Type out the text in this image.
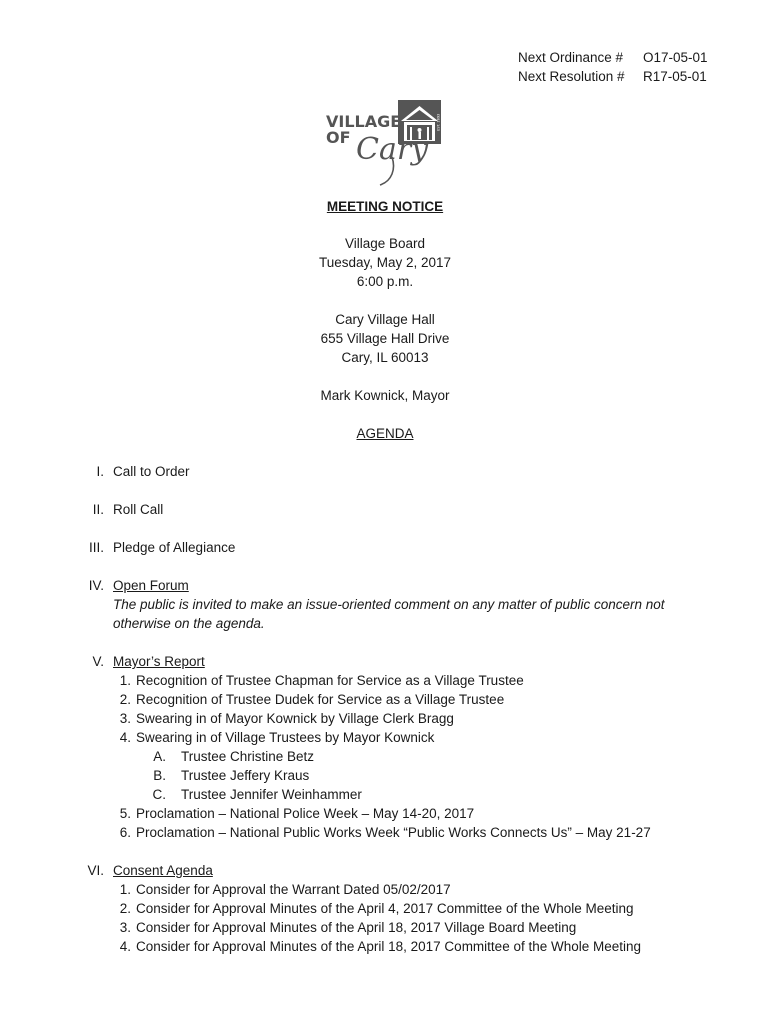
Next Ordinance # O17-05-01
Next Resolution # R17-05-01
EST. 1893
VILLAGE
OF Cary
MEETING NOTICE
Village Board
Tuesday, May 2, 2017
6:00 p.m.
Cary Village Hall
655 Village Hall Drive
Cary, IL 60013
Mark Kownick, Mayor
AGENDA
I. Call to Order
II. Roll Call
III. Pledge of Allegiance
IV. Open Forum
The public is invited to make an issue-oriented comment on any matter of public concern not
otherwise on the agenda.
V. Mayor’s Report
1. Recognition of Trustee Chapman for Service as a Village Trustee
2. Recognition of Trustee Dudek for Service as a Village Trustee
3. Swearing in of Mayor Kownick by Village Clerk Bragg
4. Swearing in of Village Trustees by Mayor Kownick
A. Trustee Christine Betz
B. Trustee Jeffery Kraus
C. Trustee Jennifer Weinhammer
5. Proclamation – National Police Week – May 14-20, 2017
6. Proclamation – National Public Works Week “Public Works Connects Us” – May 21-27
VI. Consent Agenda
1. Consider for Approval the Warrant Dated 05/02/2017
2. Consider for Approval Minutes of the April 4, 2017 Committee of the Whole Meeting
3. Consider for Approval Minutes of the April 18, 2017 Village Board Meeting
4. Consider for Approval Minutes of the April 18, 2017 Committee of the Whole Meeting
